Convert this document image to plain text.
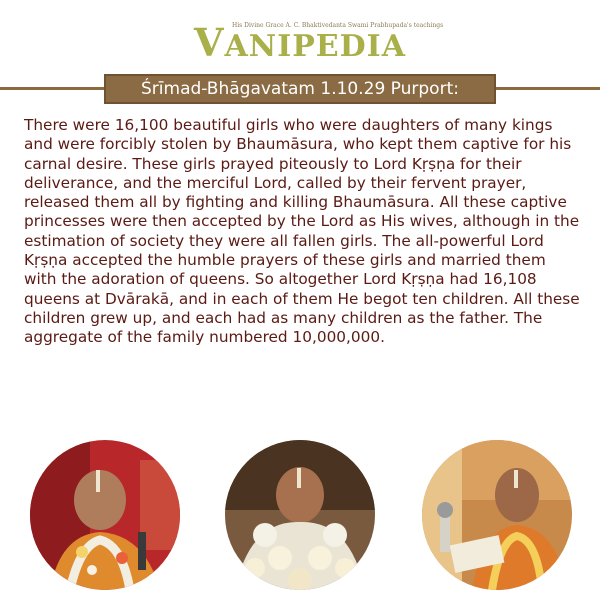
His Divine Grace A. C. Bhaktivedanta Swami Prabhupada's teachings
VANIPEDIA
Śrīmad-Bhāgavatam 1.10.29 Purport:

There were 16,100 beautiful girls who were daughters of many kings and were forcibly stolen by Bhaumāsura, who kept them captive for his carnal desire. These girls prayed piteously to Lord Kṛṣṇa for their deliverance, and the merciful Lord, called by their fervent prayer, released them all by fighting and killing Bhaumāsura. All these captive princesses were then accepted by the Lord as His wives, although in the estimation of society they were all fallen girls. The all-powerful Lord Kṛṣṇa accepted the humble prayers of these girls and married them with the adoration of queens. So altogether Lord Kṛṣṇa had 16,108 queens at Dvārakā, and in each of them He begot ten children. All these children grew up, and each had as many children as the father. The aggregate of the family numbered 10,000,000.
